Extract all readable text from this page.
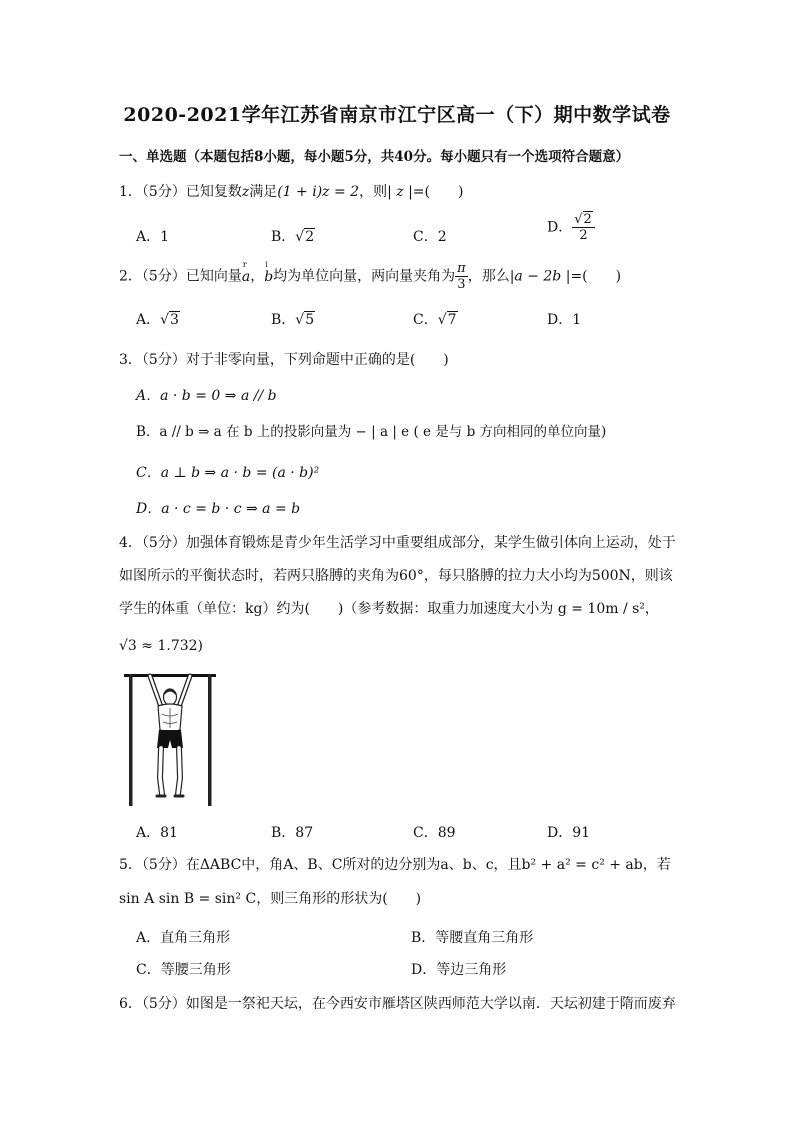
2020-2021学年江苏省南京市江宁区高一（下）期中数学试卷
一、单选题（本题包括8小题，每小题5分，共40分。每小题只有一个选项符合题意）
1．（5分）已知复数z满足(1 + i)z = 2，则| z |=(　　)
A．1	B．√2	C．2
D． $\frac{√2}{2}$
2．（5分）已知向量r a，i b均为单位向量，两向量夹角为 $\frac{\pi}{3}$ ，那么|a − 2b |=(　　)
A．√3	B．√5	C．√7	D．1
3．（5分）对于非零向量，下列命题中正确的是(　　)
A．a · b = 0 ⇒ a // b
B．a // b ⇒ a 在 b 上的投影向量为 − | a | e ( e 是与 b 方向相同的单位向量)
C．a ⊥ b ⇒ a · b = (a · b)²
D．a · c = b · c ⇒ a = b
4．（5分）加强体育锻炼是青少年生活学习中重要组成部分，某学生做引体向上运动，处于
如图所示的平衡状态时，若两只胳膊的夹角为60°，每只胳膊的拉力大小均为500N，则该
学生的体重（单位：kg）约为(　　)（参考数据：取重力加速度大小为 g = 10m / s²，
√3 ≈ 1.732)
A．81	B．87	C．89	D．91
5．（5分）在ΔABC中，角A、B、C所对的边分别为a、b、c，且b² + a² = c² + ab，若
sin A sin B = sin² C，则三角形的形状为(　　)
A．直角三角形	B．等腰直角三角形
C．等腰三角形	D．等边三角形
6．（5分）如图是一祭祀天坛，在今西安市雁塔区陕西师范大学以南．天坛初建于隋而废弃
